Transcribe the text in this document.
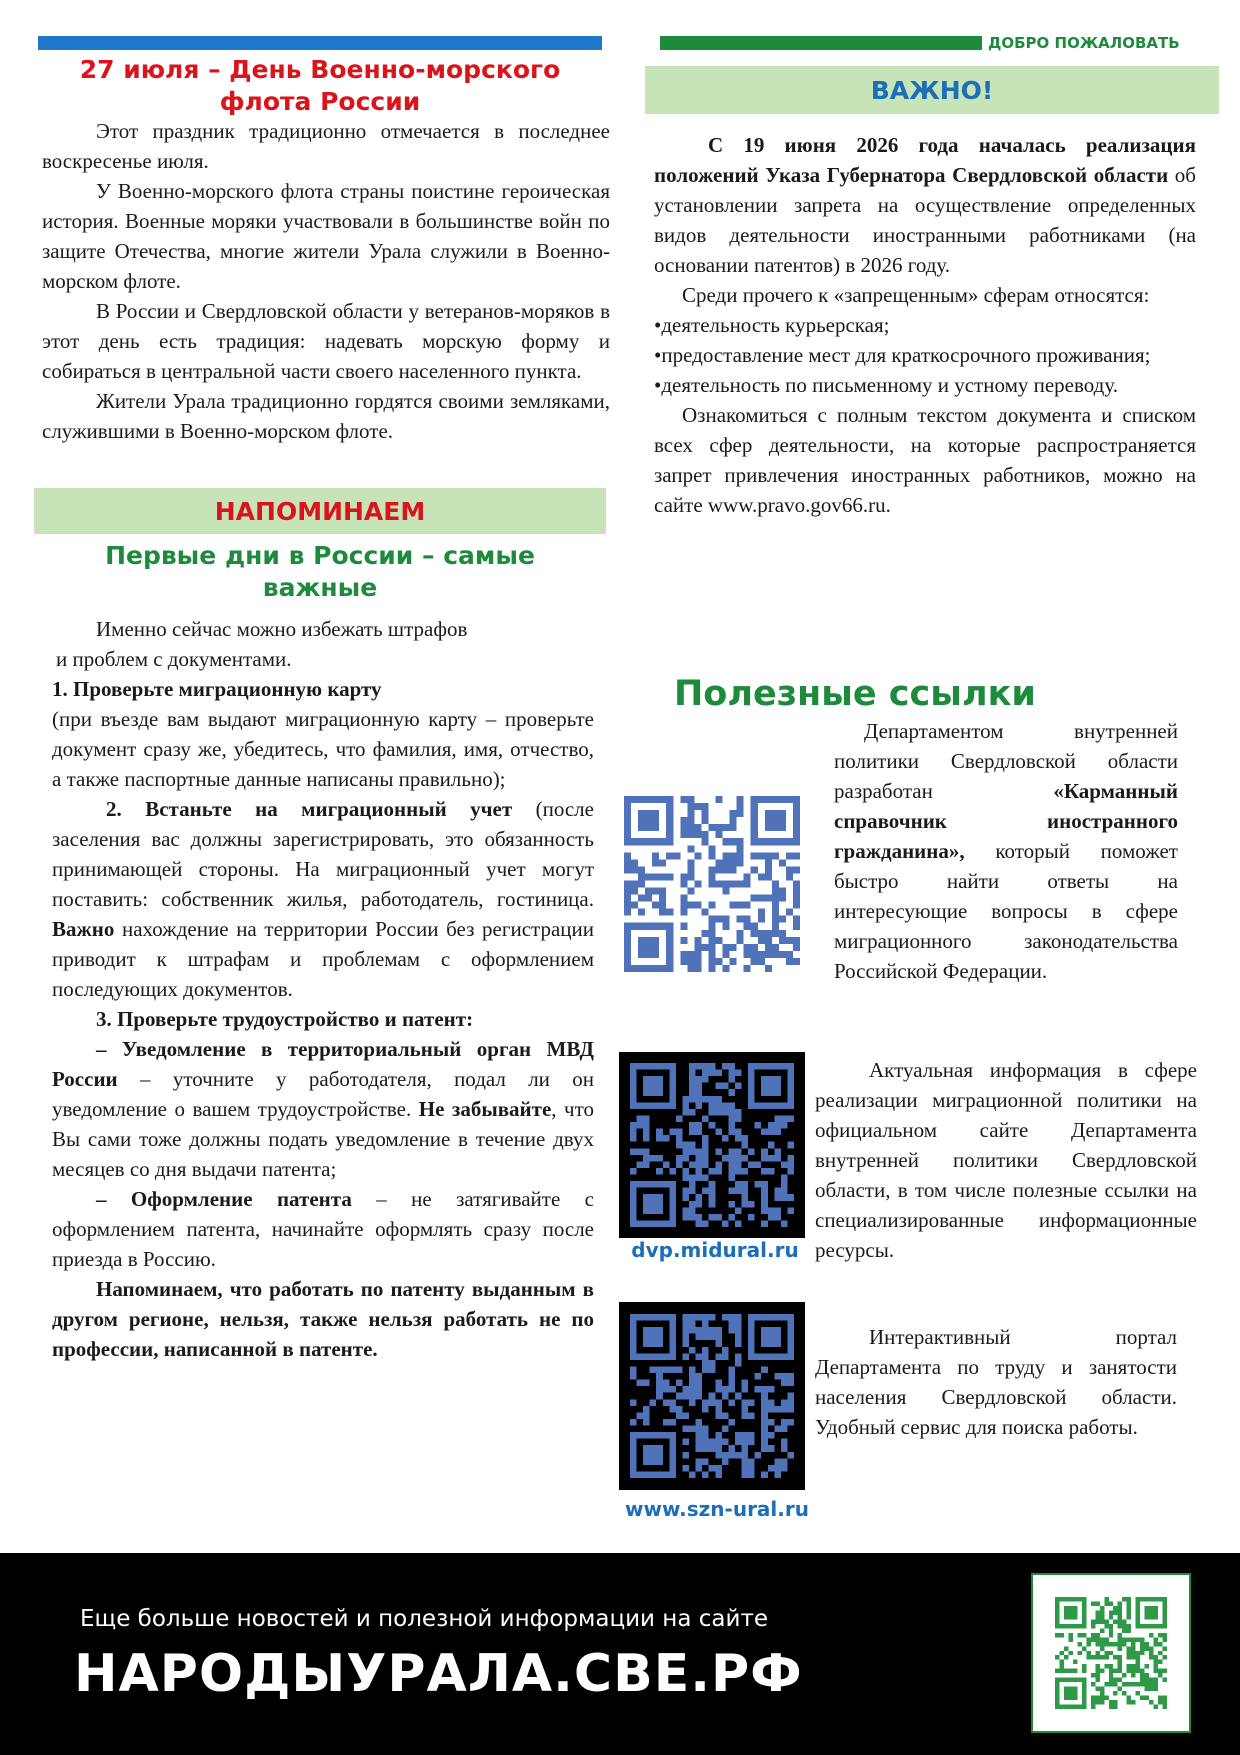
27 июля – День Военно-морского
флота России

Этот праздник традиционно отмечается в последнее воскресенье июля.

У Военно-морского флота страны поистине героическая история. Военные моряки участвовали в большинстве войн по защите Отечества, многие жители Урала служили в Военно-морском флоте.

В России и Свердловской области у ветеранов-моряков в этот день есть традиция: надевать морскую форму и собираться в центральной части своего населенного пункта.

Жители Урала традиционно гордятся своими земляками, служившими в Военно-морском флоте.

НАПОМИНАЕМ
Первые дни в России – самые
важные

Именно сейчас можно избежать штрафов

и проблем с документами.

1. Проверьте миграционную карту

(при въезде вам выдают миграционную карту – проверьте документ сразу же, убедитесь, что фамилия, имя, отчество, а также паспортные данные написаны правильно);

2. Встаньте на миграционный учет (после заселения вас должны зарегистрировать, это обязанность принимающей стороны. На миграционный учет могут поставить: собственник жилья, работодатель, гостиница. Важно нахождение на территории России без регистрации приводит к штрафам и проблемам с оформлением последующих документов.

3. Проверьте трудоустройство и патент:

– Уведомление в территориальный орган МВД России – уточните у работодателя, подал ли он уведомление о вашем трудоустройстве. Не забывайте, что Вы сами тоже должны подать уведомление в течение двух месяцев со дня выдачи патента;

– Оформление патента – не затягивайте с оформлением патента, начинайте оформлять сразу после приезда в Россию.

Напоминаем, что работать по патенту выданным в другом регионе, нельзя, также нельзя работать не по профессии, написанной в патенте.

ДОБРО ПОЖАЛОВАТЬ
ВАЖНО!

С 19 июня 2026 года началась реализация положений Указа Губернатора Свердловской области об установлении запрета на осуществление определенных видов деятельности иностранными работниками (на основании патентов) в 2026 году.

Среди прочего к «запрещенным» сферам относятся:

•деятельность курьерская;

•предоставление мест для краткосрочного проживания;

•деятельность по письменному и устному переводу.

Ознакомиться с полным текстом документа и списком всех сфер деятельности, на которые распространяется запрет привлечения иностранных работников, можно на сайте www.pravo.gov66.ru.

Полезные ссылки
Департаментом внутренней политики Свердловской области разработан «Карманный справочник иностранного гражданина», который поможет быстро найти ответы на интересующие вопросы в сфере миграционного законодательства Российской Федерации.
Актуальная информация в сфере реализации миграционной политики на официальном сайте Департамента внутренней политики Свердловской области, в том числе полезные ссылки на специализированные информационные ресурсы.
dvp.midural.ru
Интерактивный портал Департамента по труду и занятости населения Свердловской области. Удобный сервис для поиска работы.
www.szn-ural.ru
Еще больше новостей и полезной информации на сайте
НАРОДЫУРАЛА.СВЕ.РФ
